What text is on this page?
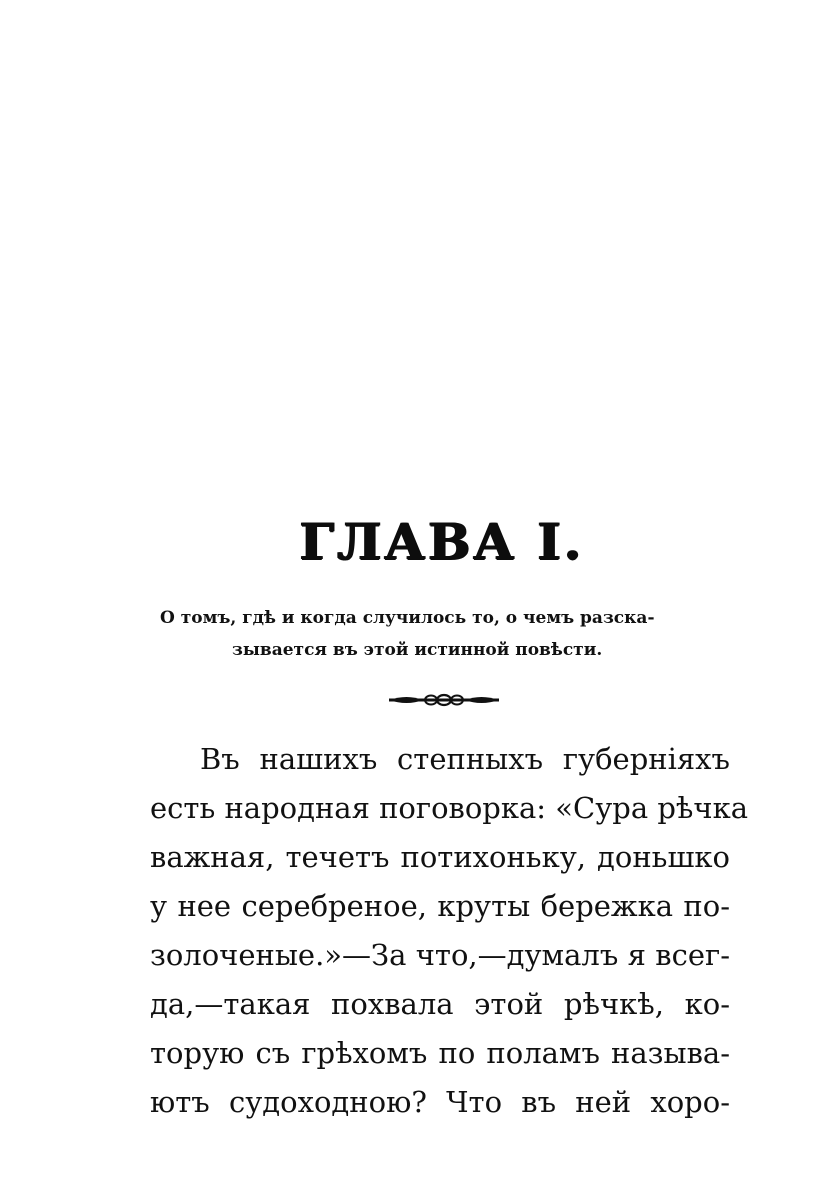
ГЛАВА I.
О томъ, гдѣ и когда случилось то, о чемъ разска-
зывается въ этой истинной повѣсти.
Въ нашихъ степныхъ губерніяхъ
есть народная поговорка: «Сура рѣчка
важная, течетъ потихоньку, доньшко
у нее серебреное, круты бережка по-
золоченые.»—За что,—думалъ я всег-
да,—такая похвала этой рѣчкѣ, ко-
торую съ грѣхомъ по поламъ называ-
ютъ судоходною? Что въ ней хоро-
